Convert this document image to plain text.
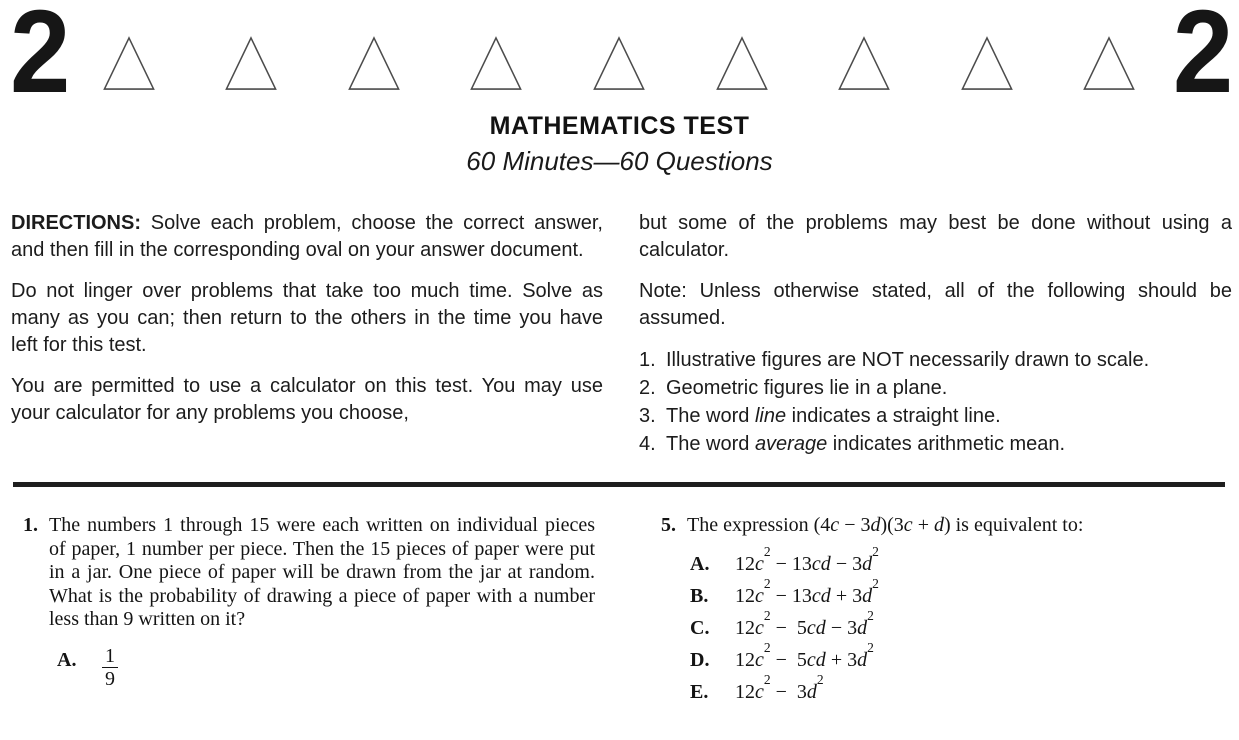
2	2
MATHEMATICS TEST
60 Minutes—60 Questions

DIRECTIONS: Solve each problem, choose the correct answer, and then fill in the corresponding oval on your answer document.

Do not linger over problems that take too much time. Solve as many as you can; then return to the others in the time you have left for this test.

You are permitted to use a calculator on this test. You may use your calculator for any problems you choose,

but some of the problems may best be done without using a calculator.

Note: Unless otherwise stated, all of the following should be assumed.

1. Illustrative figures are NOT necessarily drawn to scale.
2. Geometric figures lie in a plane.
3. The word line indicates a straight line.
4. The word average indicates arithmetic mean.
1. The numbers 1 through 15 were each written on individual pieces of paper, 1 number per piece. Then the 15 pieces of paper were put in a jar. One piece of paper will be drawn from the jar at random. What is the probability of drawing a piece of paper with a number less than 9 written on it?
A.	$\frac{1}{9}$
5. The expression (4c − 3d)(3c + d) is equivalent to:
A.	$12c^2 - 13cd - 3d^2$
B.	$12c^2 - 13cd + 3d^2$
C.	$12c^2 - 5cd - 3d^2$
D.	$12c^2 - 5cd + 3d^2$
E.	$12c^2 - 3d^2$
